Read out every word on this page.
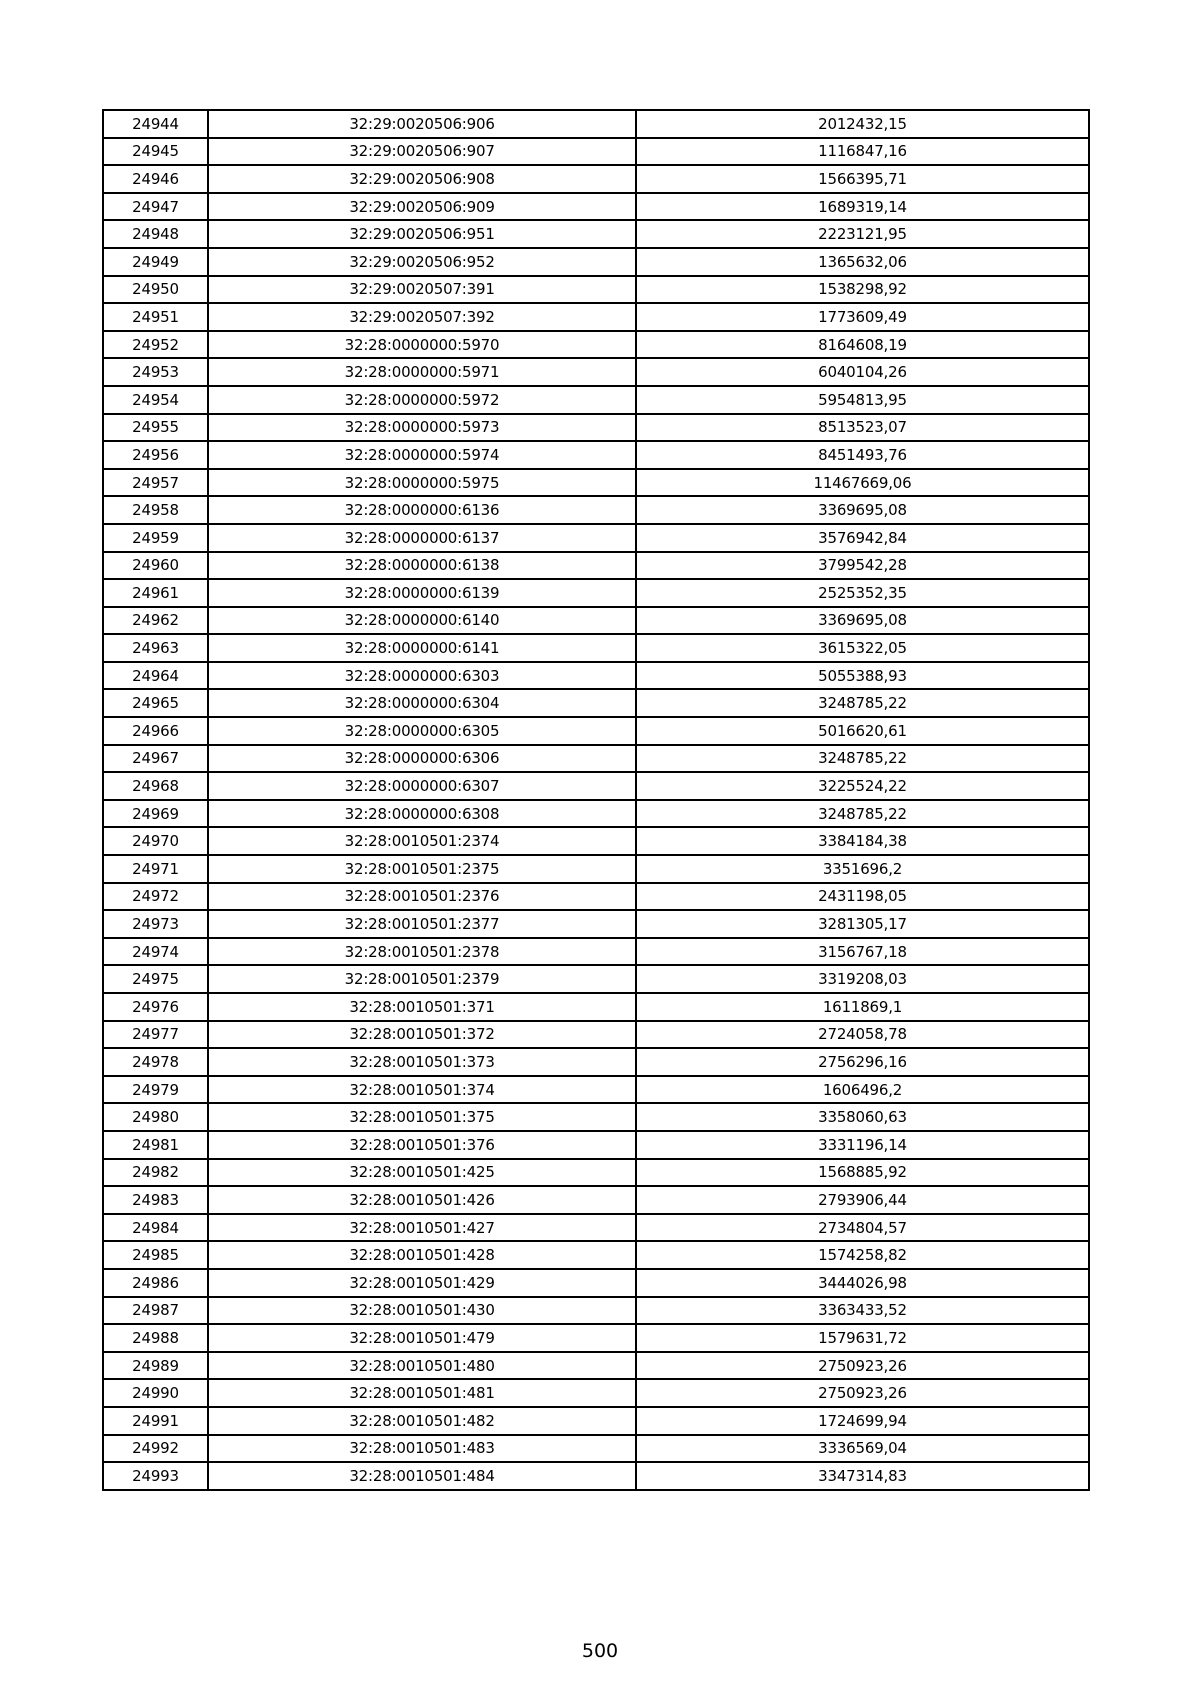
24944	32:29:0020506:906	2012432,15
24945	32:29:0020506:907	1116847,16
24946	32:29:0020506:908	1566395,71
24947	32:29:0020506:909	1689319,14
24948	32:29:0020506:951	2223121,95
24949	32:29:0020506:952	1365632,06
24950	32:29:0020507:391	1538298,92
24951	32:29:0020507:392	1773609,49
24952	32:28:0000000:5970	8164608,19
24953	32:28:0000000:5971	6040104,26
24954	32:28:0000000:5972	5954813,95
24955	32:28:0000000:5973	8513523,07
24956	32:28:0000000:5974	8451493,76
24957	32:28:0000000:5975	11467669,06
24958	32:28:0000000:6136	3369695,08
24959	32:28:0000000:6137	3576942,84
24960	32:28:0000000:6138	3799542,28
24961	32:28:0000000:6139	2525352,35
24962	32:28:0000000:6140	3369695,08
24963	32:28:0000000:6141	3615322,05
24964	32:28:0000000:6303	5055388,93
24965	32:28:0000000:6304	3248785,22
24966	32:28:0000000:6305	5016620,61
24967	32:28:0000000:6306	3248785,22
24968	32:28:0000000:6307	3225524,22
24969	32:28:0000000:6308	3248785,22
24970	32:28:0010501:2374	3384184,38
24971	32:28:0010501:2375	3351696,2
24972	32:28:0010501:2376	2431198,05
24973	32:28:0010501:2377	3281305,17
24974	32:28:0010501:2378	3156767,18
24975	32:28:0010501:2379	3319208,03
24976	32:28:0010501:371	1611869,1
24977	32:28:0010501:372	2724058,78
24978	32:28:0010501:373	2756296,16
24979	32:28:0010501:374	1606496,2
24980	32:28:0010501:375	3358060,63
24981	32:28:0010501:376	3331196,14
24982	32:28:0010501:425	1568885,92
24983	32:28:0010501:426	2793906,44
24984	32:28:0010501:427	2734804,57
24985	32:28:0010501:428	1574258,82
24986	32:28:0010501:429	3444026,98
24987	32:28:0010501:430	3363433,52
24988	32:28:0010501:479	1579631,72
24989	32:28:0010501:480	2750923,26
24990	32:28:0010501:481	2750923,26
24991	32:28:0010501:482	1724699,94
24992	32:28:0010501:483	3336569,04
24993	32:28:0010501:484	3347314,83
500
